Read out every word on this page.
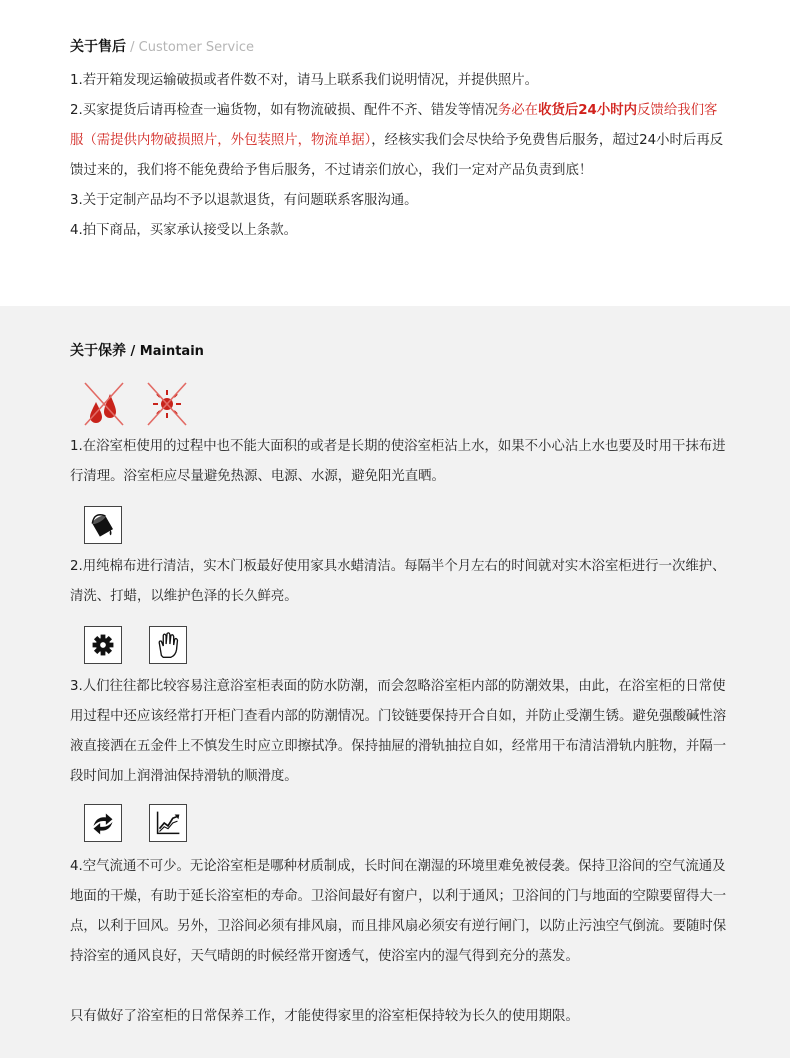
关于售后 / Customer Service

1.若开箱发现运输破损或者件数不对，请马上联系我们说明情况，并提供照片。

2.买家提货后请再检查一遍货物，如有物流破损、配件不齐、错发等情况务必在收货后24小时内反馈给我们客服（需提供内物破损照片，外包装照片，物流单据），经核实我们会尽快给予免费售后服务，超过24小时后再反馈过来的，我们将不能免费给予售后服务，不过请亲们放心，我们一定对产品负责到底！

3.关于定制产品均不予以退款退货，有问题联系客服沟通。

4.拍下商品，买家承认接受以上条款。

关于保养 / Maintain
1.在浴室柜使用的过程中也不能大面积的或者是长期的使浴室柜沾上水，如果不小心沾上水也要及时用干抹布进行清理。浴室柜应尽量避免热源、电源、水源，避免阳光直晒。
2.用纯棉布进行清洁，实木门板最好使用家具水蜡清洁。每隔半个月左右的时间就对实木浴室柜进行一次维护、清洗、打蜡，以维护色泽的长久鲜亮。
3.人们往往都比较容易注意浴室柜表面的防水防潮，而会忽略浴室柜内部的防潮效果，由此，在浴室柜的日常使用过程中还应该经常打开柜门查看内部的防潮情况。门铰链要保持开合自如，并防止受潮生锈。避免强酸碱性溶液直接洒在五金件上不慎发生时应立即擦拭净。保持抽屉的滑轨抽拉自如，经常用干布清洁滑轨内脏物，并隔一段时间加上润滑油保持滑轨的顺滑度。
4.空气流通不可少。无论浴室柜是哪种材质制成，长时间在潮湿的环境里难免被侵袭。保持卫浴间的空气流通及地面的干燥，有助于延长浴室柜的寿命。卫浴间最好有窗户，以利于通风；卫浴间的门与地面的空隙要留得大一点，以利于回风。另外，卫浴间必须有排风扇，而且排风扇必须安有逆行闸门，以防止污浊空气倒流。要随时保持浴室的通风良好，天气晴朗的时候经常开窗透气，使浴室内的湿气得到充分的蒸发。
只有做好了浴室柜的日常保养工作，才能使得家里的浴室柜保持较为长久的使用期限。
